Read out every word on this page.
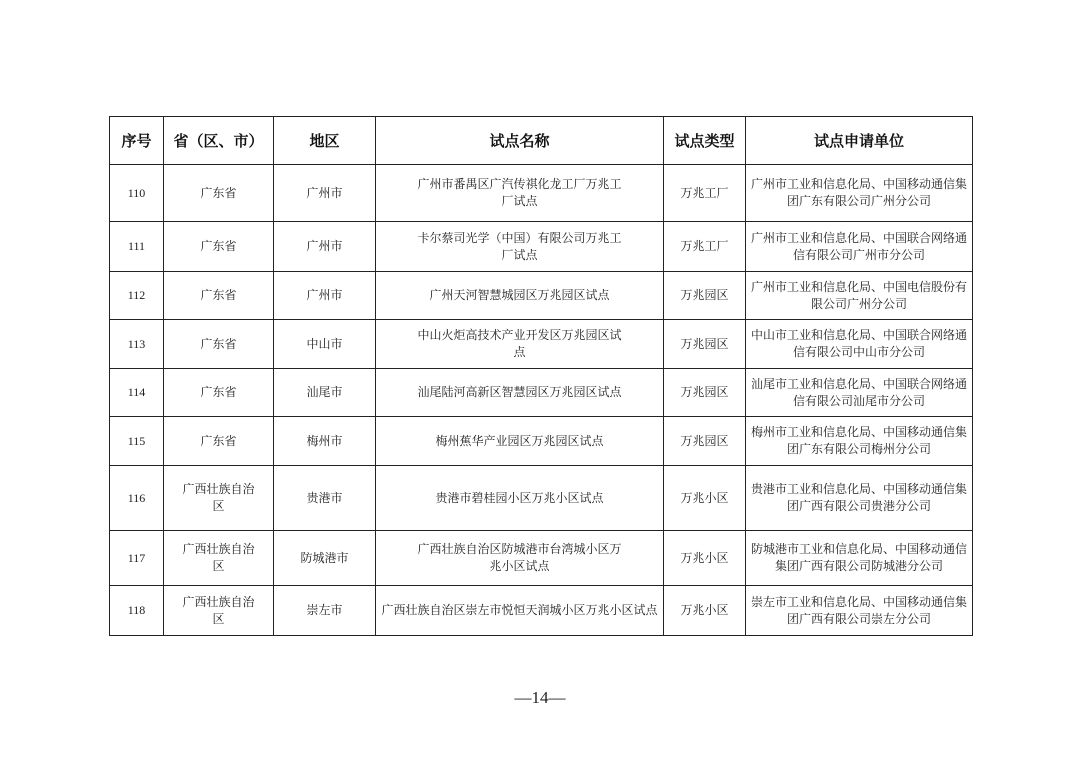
序号	省（区、市）	地区	试点名称	试点类型	试点申请单位
110	广东省	广州市	广州市番禺区广汽传祺化龙工厂万兆工厂试点	万兆工厂	广州市工业和信息化局、中国移动通信集团广东有限公司广州分公司
111	广东省	广州市	卡尔蔡司光学（中国）有限公司万兆工厂试点	万兆工厂	广州市工业和信息化局、中国联合网络通信有限公司广州市分公司
112	广东省	广州市	广州天河智慧城园区万兆园区试点	万兆园区	广州市工业和信息化局、中国电信股份有限公司广州分公司
113	广东省	中山市	中山火炬高技术产业开发区万兆园区试点	万兆园区	中山市工业和信息化局、中国联合网络通信有限公司中山市分公司
114	广东省	汕尾市	汕尾陆河高新区智慧园区万兆园区试点	万兆园区	汕尾市工业和信息化局、中国联合网络通信有限公司汕尾市分公司
115	广东省	梅州市	梅州蕉华产业园区万兆园区试点	万兆园区	梅州市工业和信息化局、中国移动通信集团广东有限公司梅州分公司
116	广西壮族自治区	贵港市	贵港市碧桂园小区万兆小区试点	万兆小区	贵港市工业和信息化局、中国移动通信集团广西有限公司贵港分公司
117	广西壮族自治区	防城港市	广西壮族自治区防城港市台湾城小区万兆小区试点	万兆小区	防城港市工业和信息化局、中国移动通信集团广西有限公司防城港分公司
118	广西壮族自治区	崇左市	广西壮族自治区崇左市悦恒天润城小区万兆小区试点	万兆小区	崇左市工业和信息化局、中国移动通信集团广西有限公司崇左分公司
—14—
